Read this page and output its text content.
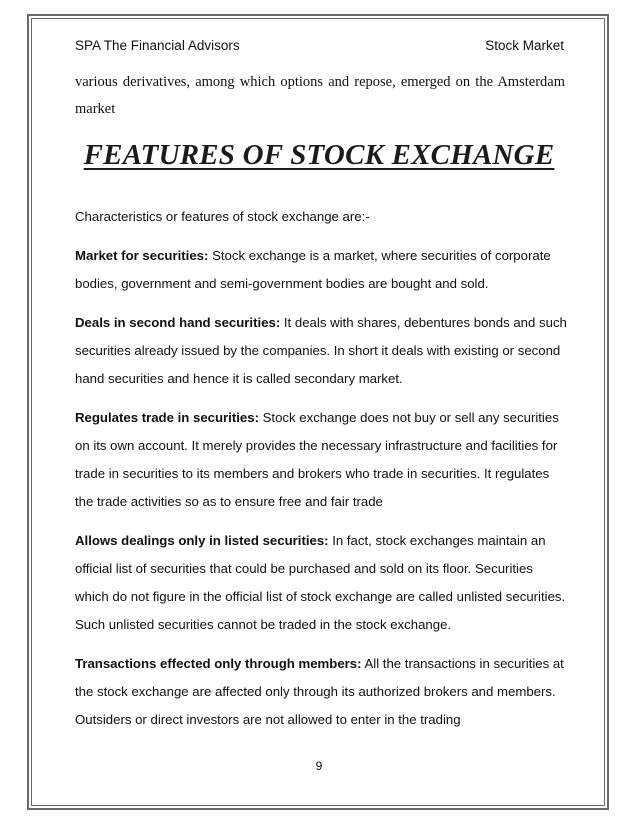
SPA The Financial Advisors	Stock Market
various derivatives, among which options and repose, emerged on the Amsterdam market
FEATURES OF STOCK EXCHANGE

Characteristics or features of stock exchange are:-

Market for securities: Stock exchange is a market, where securities of corporate bodies, government and semi-government bodies are bought and sold.

Deals in second hand securities: It deals with shares, debentures bonds and such securities already issued by the companies. In short it deals with existing or second hand securities and hence it is called secondary market.

Regulates trade in securities: Stock exchange does not buy or sell any securities on its own account. It merely provides the necessary infrastructure and facilities for trade in securities to its members and brokers who trade in securities. It regulates the trade activities so as to ensure free and fair trade

Allows dealings only in listed securities: In fact, stock exchanges maintain an official list of securities that could be purchased and sold on its floor. Securities which do not figure in the official list of stock exchange are called unlisted securities. Such unlisted securities cannot be traded in the stock exchange.

Transactions effected only through members: All the transactions in securities at the stock exchange are affected only through its authorized brokers and members. Outsiders or direct investors are not allowed to enter in the trading

9
